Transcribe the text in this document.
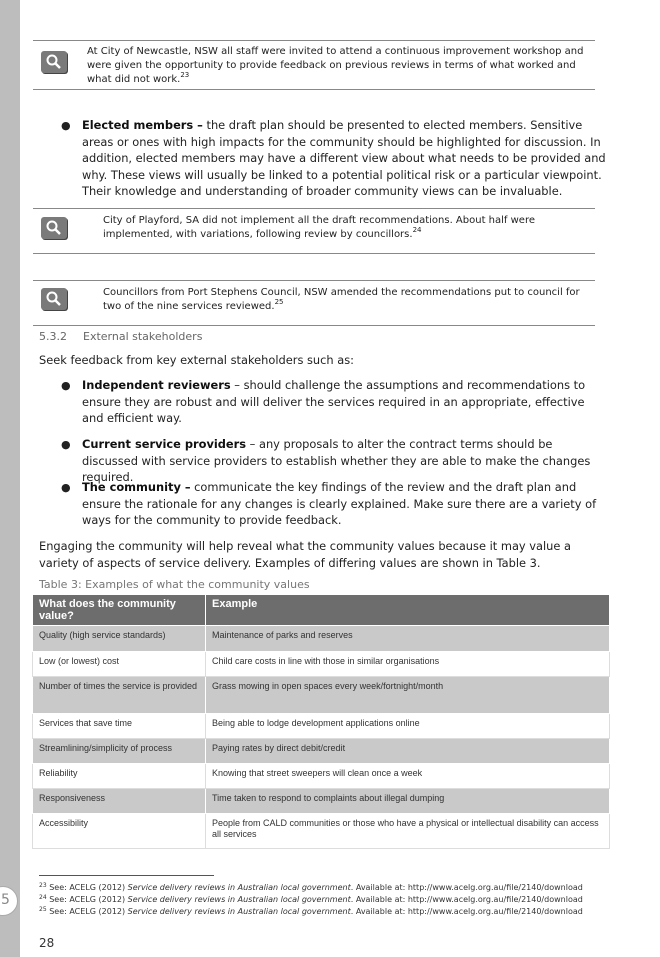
5
At City of Newcastle, NSW all staff were invited to attend a continuous improvement workshop and were given the opportunity to provide feedback on previous reviews in terms of what worked and what did not work.$^{23}$
● Elected members – the draft plan should be presented to elected members. Sensitive areas or ones with high impacts for the community should be highlighted for discussion. In addition, elected members may have a different view about what needs to be provided and why. These views will usually be linked to a potential political risk or a particular viewpoint. Their knowledge and understanding of broader community views can be invaluable.
City of Playford, SA did not implement all the draft recommendations. About half were implemented, with variations, following review by councillors.$^{24}$
Councillors from Port Stephens Council, NSW amended the recommendations put to council for two of the nine services reviewed.$^{25}$
5.3.2 External stakeholders
Seek feedback from key external stakeholders such as:
● Independent reviewers – should challenge the assumptions and recommendations to ensure they are robust and will deliver the services required in an appropriate, effective and efficient way.
● Current service providers – any proposals to alter the contract terms should be discussed with service providers to establish whether they are able to make the changes required.
● The community – communicate the key findings of the review and the draft plan and ensure the rationale for any changes is clearly explained. Make sure there are a variety of ways for the community to provide feedback.
Engaging the community will help reveal what the community values because it may value a variety of aspects of service delivery. Examples of differing values are shown in Table 3.
Table 3: Examples of what the community values
What does the community value?	Example
Quality (high service standards)	Maintenance of parks and reserves
Low (or lowest) cost	Child care costs in line with those in similar organisations
Number of times the service is provided	Grass mowing in open spaces every week/fortnight/month
Services that save time	Being able to lodge development applications online
Streamlining/simplicity of process	Paying rates by direct debit/credit
Reliability	Knowing that street sweepers will clean once a week
Responsiveness	Time taken to respond to complaints about illegal dumping
Accessibility	People from CALD communities or those who have a physical or intellectual disability can access all services
$^{23}$ See: ACELG (2012) Service delivery reviews in Australian local government. Available at: http://www.acelg.org.au/file/2140/download
$^{24}$ See: ACELG (2012) Service delivery reviews in Australian local government. Available at: http://www.acelg.org.au/file/2140/download
$^{25}$ See: ACELG (2012) Service delivery reviews in Australian local government. Available at: http://www.acelg.org.au/file/2140/download
28
